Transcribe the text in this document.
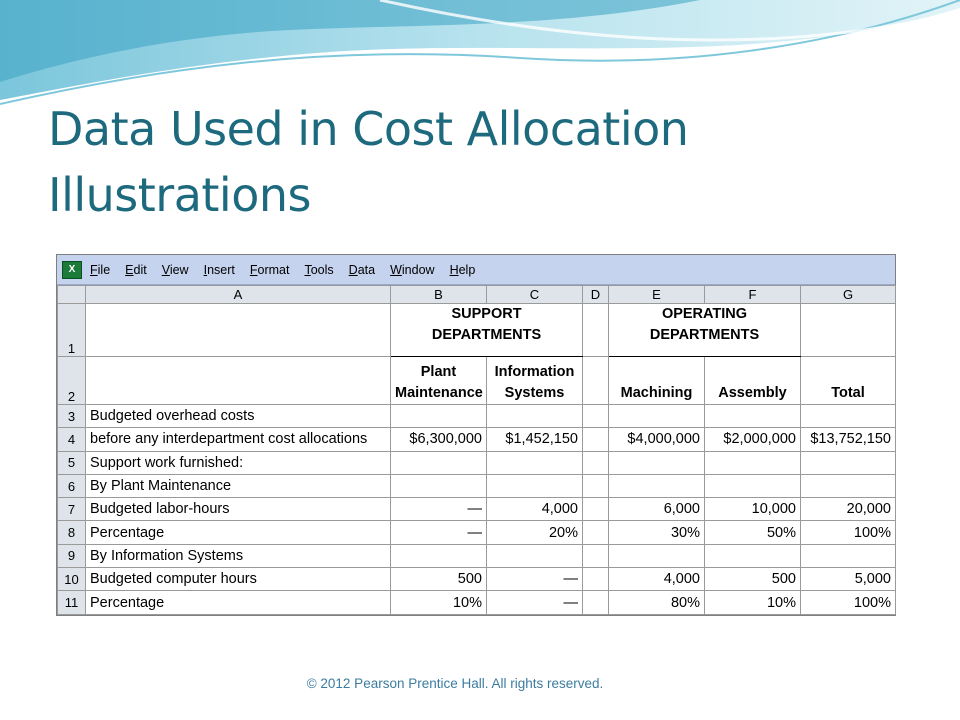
Data Used in Cost Allocation Illustrations
X	File Edit View Insert Format Tools Data Window Help
	A	B	C	D	E	F	G
1		SUPPORT DEPARTMENTS			OPERATING DEPARTMENTS		

2		Plant Maintenance	Information Systems		Machining	Assembly	Total
3	Budgeted overhead costs						
4	before any interdepartment cost allocations	$6,300,000	$1,452,150		$4,000,000	$2,000,000	$13,752,150
5	Support work furnished:						
6	By Plant Maintenance						
7	Budgeted labor-hours	—	4,000		6,000	10,000	20,000
8	Percentage	—	20%		30%	50%	100%
9	By Information Systems						
10	Budgeted computer hours	500	—		4,000	500	5,000
11	Percentage	10%	—		80%	10%	100%
© 2012 Pearson Prentice Hall. All rights reserved.
